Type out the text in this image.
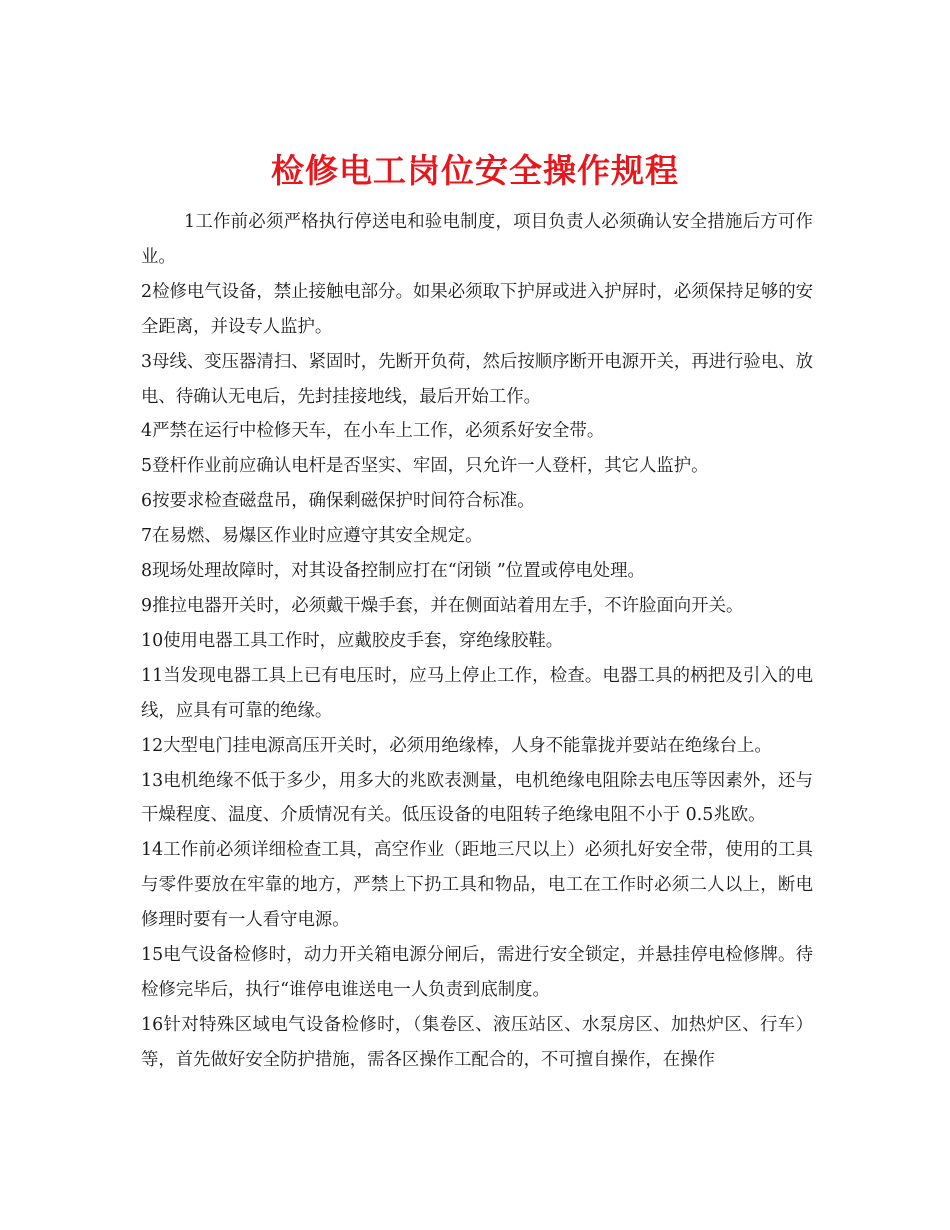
检修电工岗位安全操作规程

1工作前必须严格执行停送电和验电制度，项目负责人必须确认安全措施后方可作业。

2检修电气设备，禁止接触电部分。如果必须取下护屏或进入护屏时，必须保持足够的安全距离，并设专人监护。

3母线、变压器清扫、紧固时，先断开负荷，然后按顺序断开电源开关，再进行验电、放电、待确认无电后，先封挂接地线，最后开始工作。

4严禁在运行中检修天车，在小车上工作，必须系好安全带。

5登杆作业前应确认电杆是否坚实、牢固，只允许一人登杆，其它人监护。

6按要求检查磁盘吊，确保剩磁保护时间符合标准。

7在易燃、易爆区作业时应遵守其安全规定。

8现场处理故障时，对其设备控制应打在“闭锁 ”位置或停电处理。

9推拉电器开关时，必须戴干燥手套，并在侧面站着用左手，不许脸面向开关。

10使用电器工具工作时，应戴胶皮手套，穿绝缘胶鞋。

11当发现电器工具上已有电压时，应马上停止工作，检查。电器工具的柄把及引入的电线，应具有可靠的绝缘。

12大型电门挂电源高压开关时，必须用绝缘棒，人身不能靠拢并要站在绝缘台上。

13电机绝缘不低于多少，用多大的兆欧表测量，电机绝缘电阻除去电压等因素外，还与干燥程度、温度、介质情况有关。低压设备的电阻转子绝缘电阻不小于 0.5兆欧。

14工作前必须详细检查工具，高空作业（距地三尺以上）必须扎好安全带，使用的工具与零件要放在牢靠的地方，严禁上下扔工具和物品，电工在工作时必须二人以上，断电修理时要有一人看守电源。

15电气设备检修时，动力开关箱电源分闸后，需进行安全锁定，并悬挂停电检修牌。待检修完毕后，执行“谁停电谁送电一人负责到底制度。

16针对特殊区域电气设备检修时，（集卷区、液压站区、水泵房区、加热炉区、行车）等，首先做好安全防护措施，需各区操作工配合的，不可擅自操作，在操作
